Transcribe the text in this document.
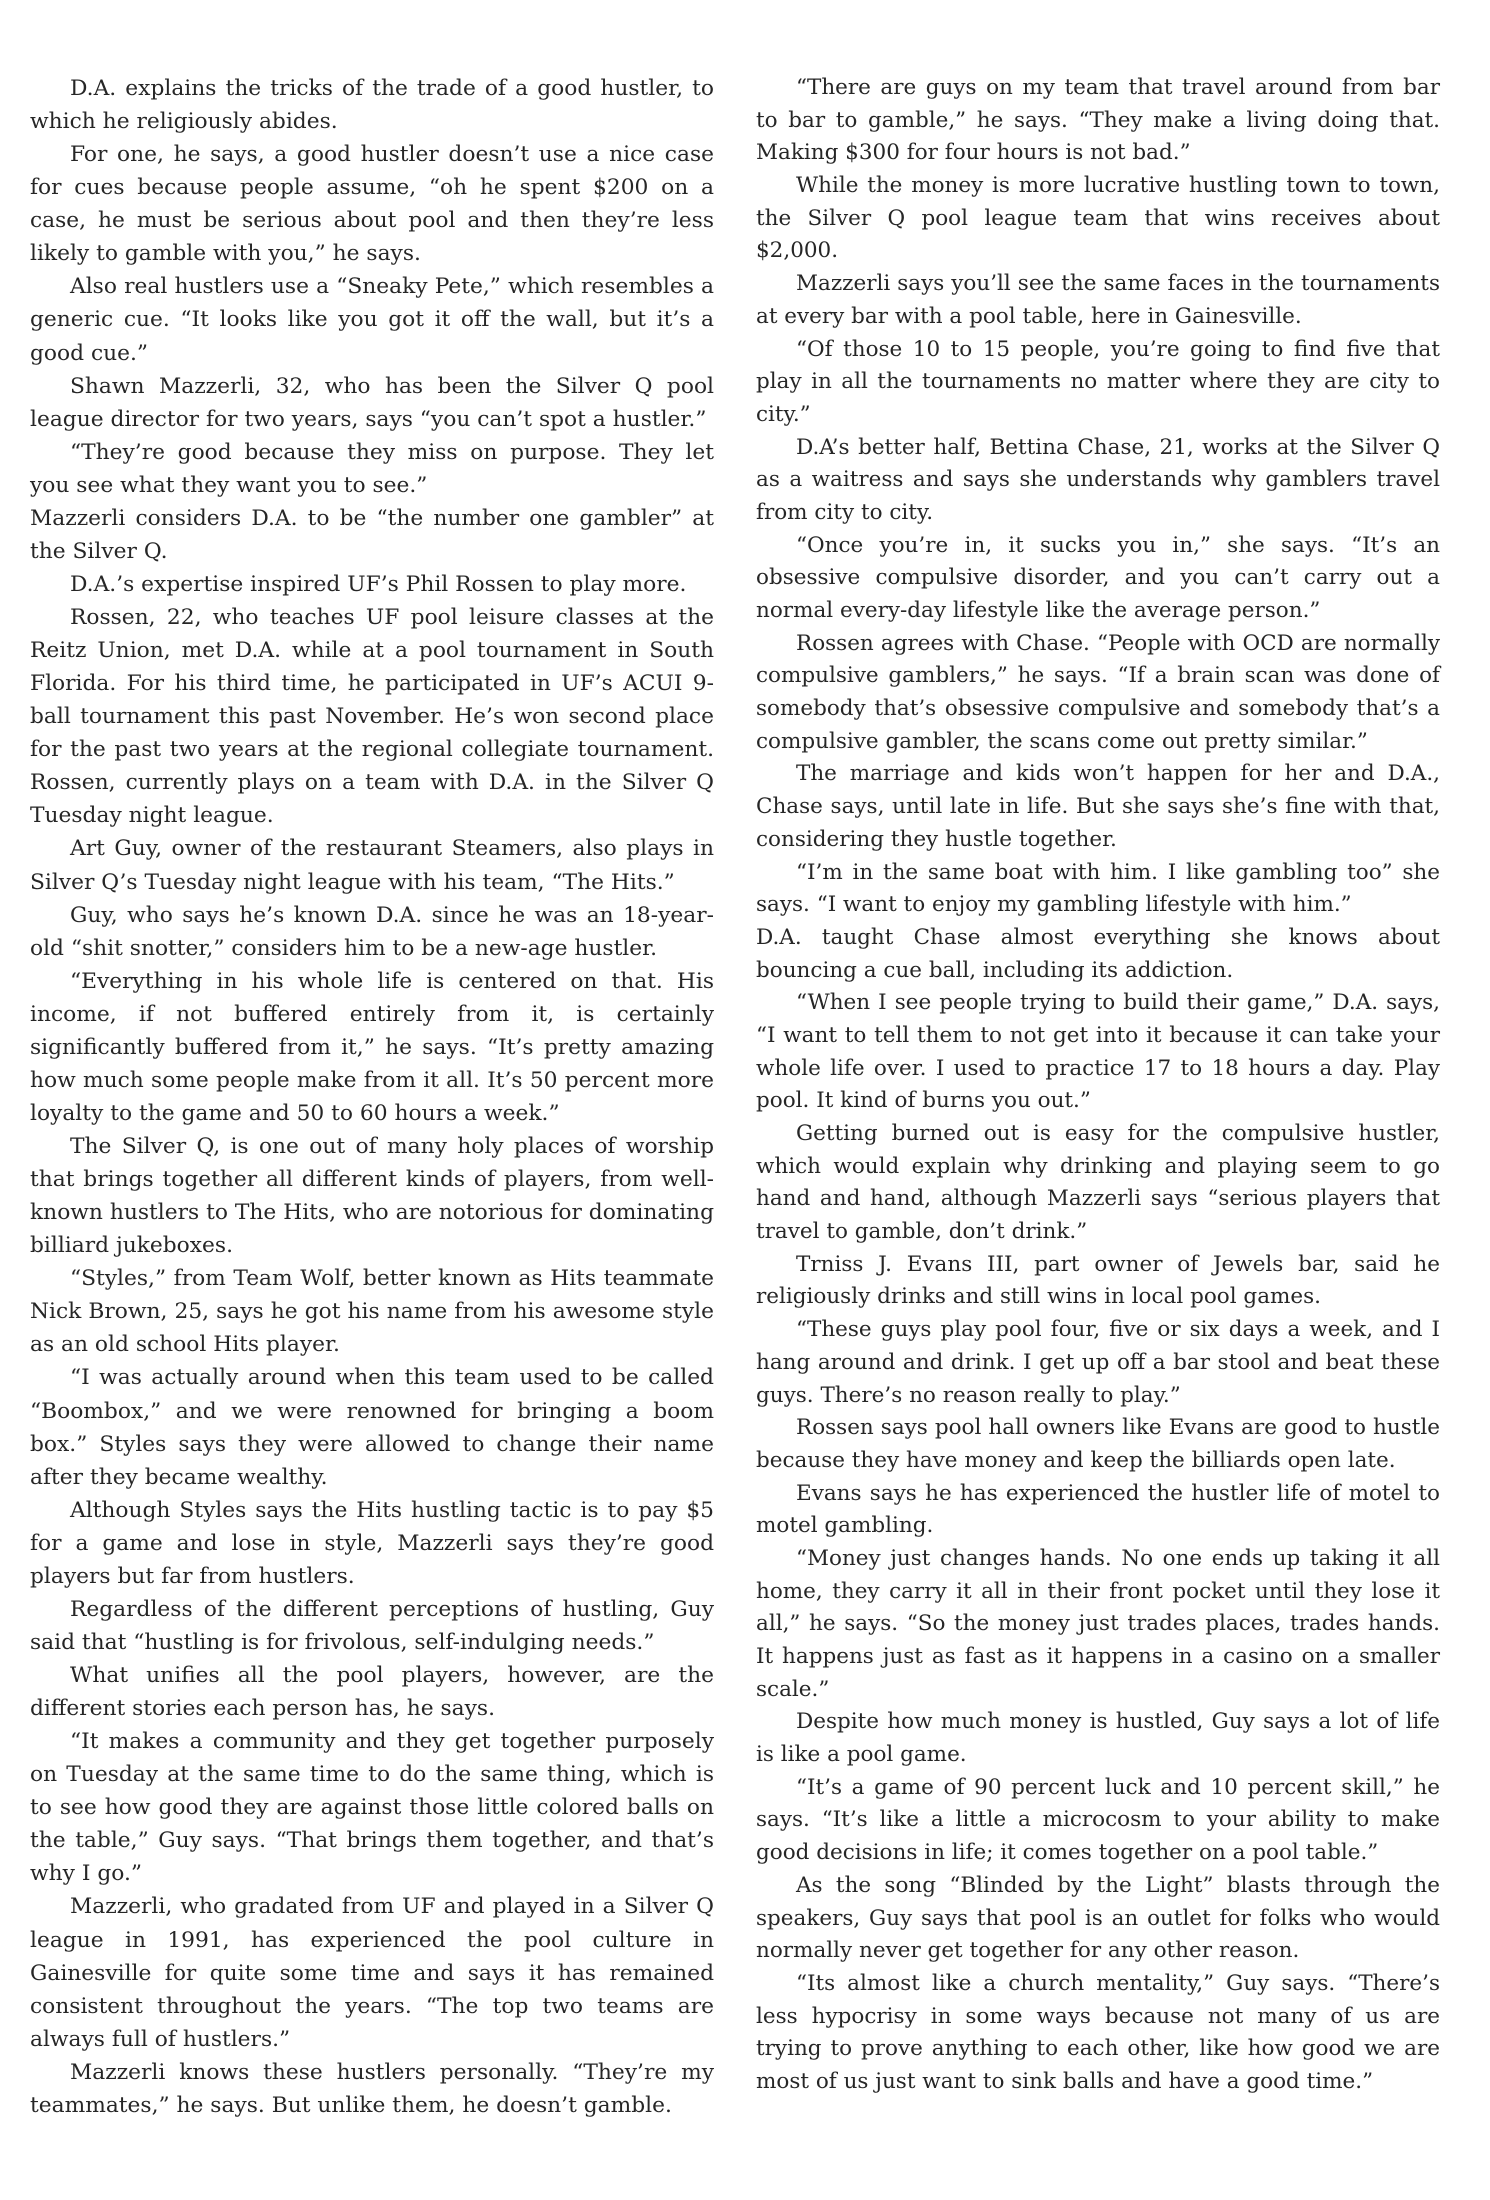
D.A. explains the tricks of the trade of a good hustler, to which he religiously abides.

For one, he says, a good hustler doesn’t use a nice case for cues because people assume, “oh he spent $200 on a case, he must be serious about pool and then they’re less likely to gamble with you,” he says.

Also real hustlers use a “Sneaky Pete,” which resembles a generic cue. “It looks like you got it off the wall, but it’s a good cue.”

Shawn Mazzerli, 32, who has been the Silver Q pool league director for two years, says “you can’t spot a hustler.”

“They’re good because they miss on purpose. They let you see what they want you to see.”

Mazzerli considers D.A. to be “the number one gambler” at the Silver Q.

D.A.’s expertise inspired UF’s Phil Rossen to play more.

Rossen, 22, who teaches UF pool leisure classes at the Reitz Union, met D.A. while at a pool tournament in South Florida. For his third time, he participated in UF’s ACUI 9-ball tournament this past November. He’s won second place for the past two years at the regional collegiate tournament. Rossen, currently plays on a team with D.A. in the Silver Q Tuesday night league.

Art Guy, owner of the restaurant Steamers, also plays in Silver Q’s Tuesday night league with his team, “The Hits.”

Guy, who says he’s known D.A. since he was an 18-year-old “shit snotter,” considers him to be a new-age hustler.

“Everything in his whole life is centered on that. His income, if not buffered entirely from it, is certainly significantly buffered from it,” he says. “It’s pretty amazing how much some people make from it all. It’s 50 percent more loyalty to the game and 50 to 60 hours a week.”

The Silver Q, is one out of many holy places of worship that brings together all different kinds of players, from well-known hustlers to The Hits, who are notorious for dominating billiard jukeboxes.

“Styles,” from Team Wolf, better known as Hits teammate Nick Brown, 25, says he got his name from his awesome style as an old school Hits player.

“I was actually around when this team used to be called “Boombox,” and we were renowned for bringing a boom box.” Styles says they were allowed to change their name after they became wealthy.

Although Styles says the Hits hustling tactic is to pay $5 for a game and lose in style, Mazzerli says they’re good players but far from hustlers.

Regardless of the different perceptions of hustling, Guy said that “hustling is for frivolous, self-indulging needs.”

What unifies all the pool players, however, are the different stories each person has, he says.

“It makes a community and they get together purposely on Tuesday at the same time to do the same thing, which is to see how good they are against those little colored balls on the table,” Guy says. “That brings them together, and that’s why I go.”

Mazzerli, who gradated from UF and played in a Silver Q league in 1991, has experienced the pool culture in Gainesville for quite some time and says it has remained consistent throughout the years. “The top two teams are always full of hustlers.”

Mazzerli knows these hustlers personally. “They’re my teammates,” he says. But unlike them, he doesn’t gamble.

“There are guys on my team that travel around from bar to bar to gamble,” he says. “They make a living doing that. Making $300 for four hours is not bad.”

While the money is more lucrative hustling town to town, the Silver Q pool league team that wins receives about $2,000.

Mazzerli says you’ll see the same faces in the tournaments at every bar with a pool table, here in Gainesville.

“Of those 10 to 15 people, you’re going to find five that play in all the tournaments no matter where they are city to city.”

D.A’s better half, Bettina Chase, 21, works at the Silver Q as a waitress and says she understands why gamblers travel from city to city.

“Once you’re in, it sucks you in,” she says. “It’s an obsessive compulsive disorder, and you can’t carry out a normal every-day lifestyle like the average person.”

Rossen agrees with Chase. “People with OCD are normally compulsive gamblers,” he says. “If a brain scan was done of somebody that’s obsessive compulsive and somebody that’s a compulsive gambler, the scans come out pretty similar.”

The marriage and kids won’t happen for her and D.A., Chase says, until late in life. But she says she’s fine with that, considering they hustle together.

“I’m in the same boat with him. I like gambling too” she says. “I want to enjoy my gambling lifestyle with him.”

D.A. taught Chase almost everything she knows about bouncing a cue ball, including its addiction.

“When I see people trying to build their game,” D.A. says, “I want to tell them to not get into it because it can take your whole life over. I used to practice 17 to 18 hours a day. Play pool. It kind of burns you out.”

Getting burned out is easy for the compulsive hustler, which would explain why drinking and playing seem to go hand and hand, although Mazzerli says “serious players that travel to gamble, don’t drink.”

Trniss J. Evans III, part owner of Jewels bar, said he religiously drinks and still wins in local pool games.

“These guys play pool four, five or six days a week, and I hang around and drink. I get up off a bar stool and beat these guys. There’s no reason really to play.”

Rossen says pool hall owners like Evans are good to hustle because they have money and keep the billiards open late.

Evans says he has experienced the hustler life of motel to motel gambling.

“Money just changes hands. No one ends up taking it all home, they carry it all in their front pocket until they lose it all,” he says. “So the money just trades places, trades hands. It happens just as fast as it happens in a casino on a smaller scale.”

Despite how much money is hustled, Guy says a lot of life is like a pool game.

“It’s a game of 90 percent luck and 10 percent skill,” he says. “It’s like a little a microcosm to your ability to make good decisions in life; it comes together on a pool table.”

As the song “Blinded by the Light” blasts through the speakers, Guy says that pool is an outlet for folks who would normally never get together for any other reason.

“Its almost like a church mentality,” Guy says. “There’s less hypocrisy in some ways because not many of us are trying to prove anything to each other, like how good we are most of us just want to sink balls and have a good time.”
